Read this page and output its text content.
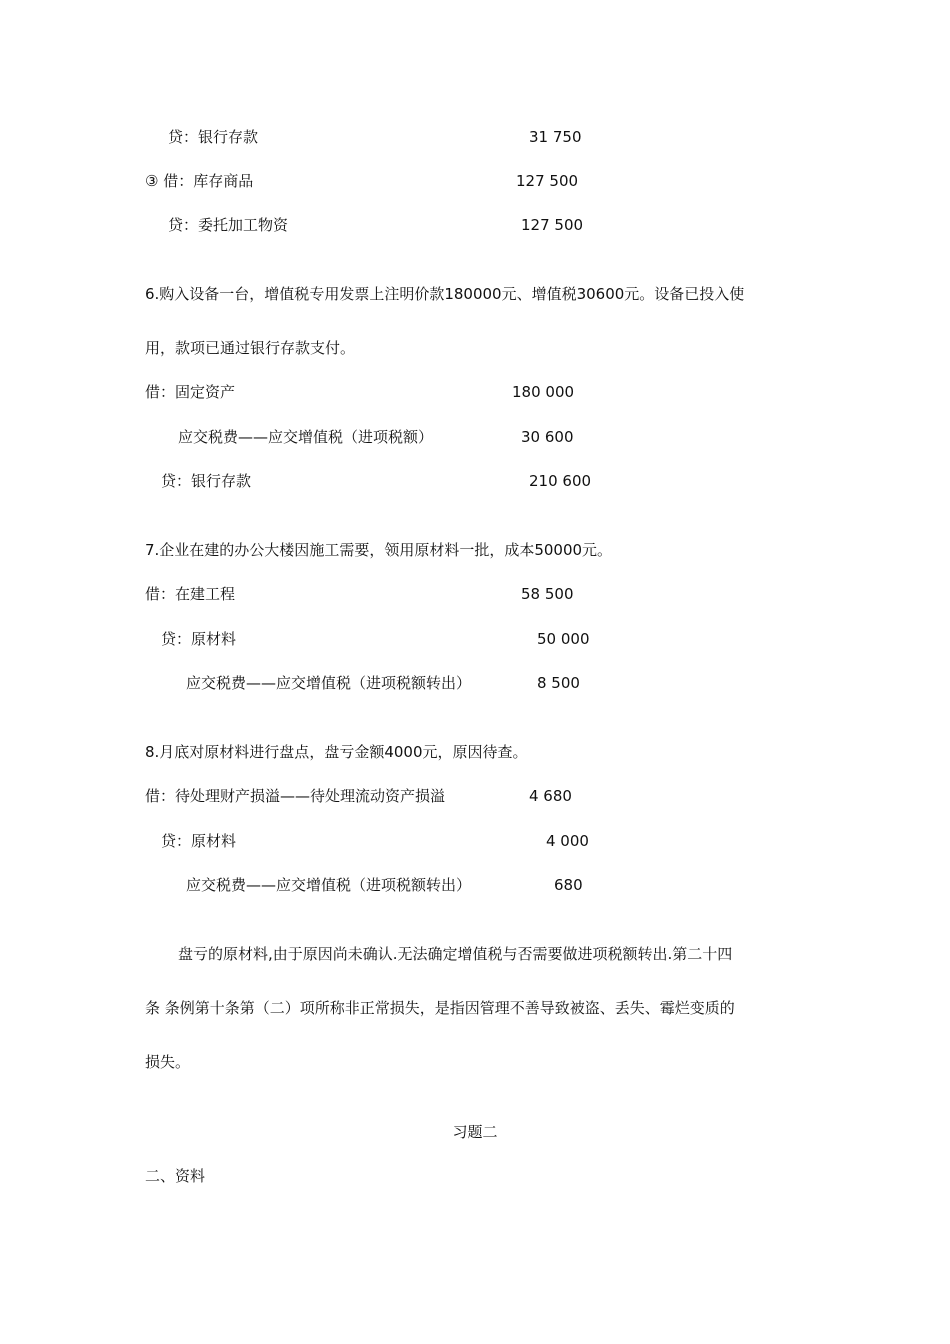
贷：银行存款	31 750
③ 借：库存商品	127 500
贷：委托加工物资	127 500
6.购入设备一台，增值税专用发票上注明价款180000元、增值税30600元。设备已投入使
用，款项已通过银行存款支付。
借：固定资产	180 000
应交税费——应交增值税（进项税额）	30 600
贷：银行存款	210 600
7.企业在建的办公大楼因施工需要，领用原材料一批，成本50000元。
借：在建工程	58 500
贷：原材料	50 000
应交税费——应交增值税（进项税额转出）	8 500
8.月底对原材料进行盘点，盘亏金额4000元，原因待查。
借：待处理财产损溢——待处理流动资产损溢	4 680
贷：原材料	4 000
应交税费——应交增值税（进项税额转出）	680
盘亏的原材料,由于原因尚未确认.无法确定增值税与否需要做进项税额转出.第二十四
条 条例第十条第（二）项所称非正常损失，是指因管理不善导致被盗、丢失、霉烂变质的
损失。
习题二
二、资料
